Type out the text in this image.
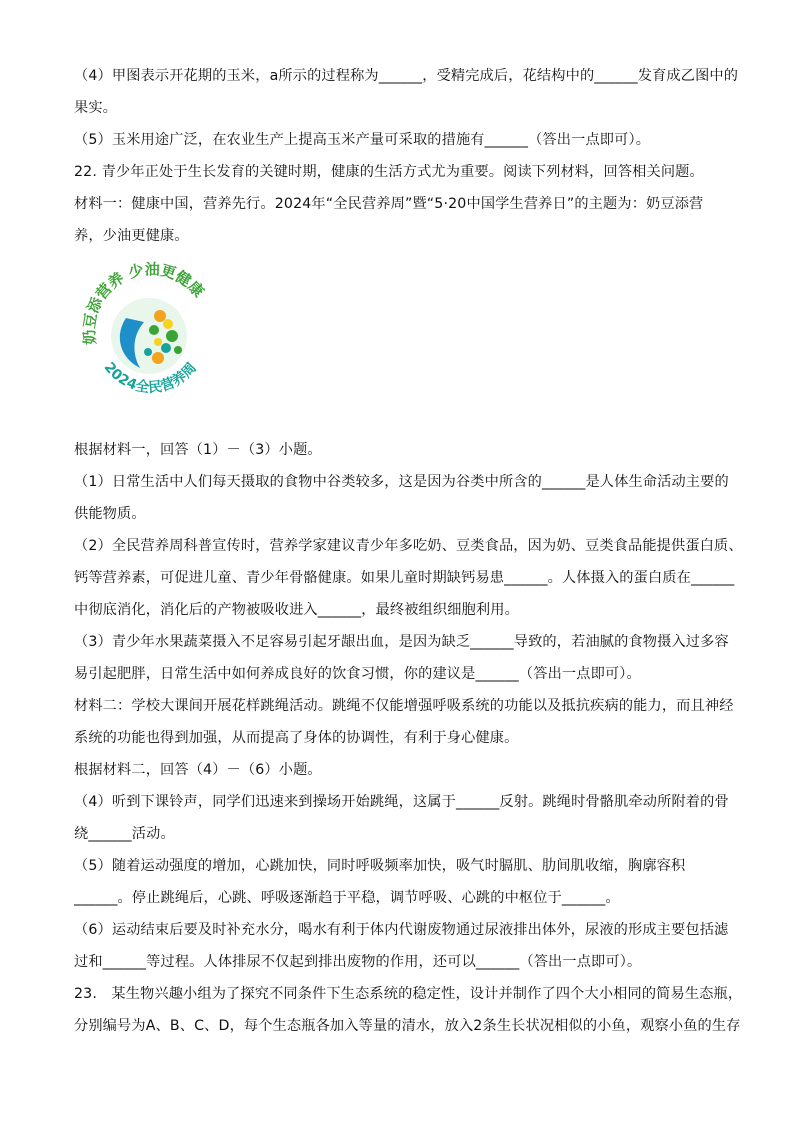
（4）甲图表示开花期的玉米，a所示的过程称为______，受精完成后，花结构中的______发育成乙图中的
果实。
（5）玉米用途广泛，在农业生产上提高玉米产量可采取的措施有______（答出一点即可）。
22. 青少年正处于生长发育的关键时期，健康的生活方式尤为重要。阅读下列材料，回答相关问题。
材料一：健康中国，营养先行。2024年“全民营养周”暨“5·20中国学生营养日”的主题为：奶豆添营
养，少油更健康。
根据材料一，回答（1）－（3）小题。
（1）日常生活中人们每天摄取的食物中谷类较多，这是因为谷类中所含的______是人体生命活动主要的
供能物质。
（2）全民营养周科普宣传时，营养学家建议青少年多吃奶、豆类食品，因为奶、豆类食品能提供蛋白质、
钙等营养素，可促进儿童、青少年骨骼健康。如果儿童时期缺钙易患______。人体摄入的蛋白质在______
中彻底消化，消化后的产物被吸收进入______，最终被组织细胞利用。
（3）青少年水果蔬菜摄入不足容易引起牙龈出血，是因为缺乏______导致的，若油腻的食物摄入过多容
易引起肥胖，日常生活中如何养成良好的饮食习惯，你的建议是______（答出一点即可）。
材料二：学校大课间开展花样跳绳活动。跳绳不仅能增强呼吸系统的功能以及抵抗疾病的能力，而且神经
系统的功能也得到加强，从而提高了身体的协调性，有利于身心健康。
根据材料二，回答（4）－（6）小题。
（4）听到下课铃声，同学们迅速来到操场开始跳绳，这属于______反射。跳绳时骨骼肌牵动所附着的骨
绕______活动。
（5）随着运动强度的增加，心跳加快，同时呼吸频率加快，吸气时膈肌、肋间肌收缩，胸廓容积
______。停止跳绳后，心跳、呼吸逐渐趋于平稳，调节呼吸、心跳的中枢位于______。
（6）运动结束后要及时补充水分，喝水有利于体内代谢废物通过尿液排出体外，尿液的形成主要包括滤
过和______等过程。人体排尿不仅起到排出废物的作用，还可以______（答出一点即可）。
23.　某生物兴趣小组为了探究不同条件下生态系统的稳定性，设计并制作了四个大小相同的简易生态瓶，
分别编号为A、B、C、D，每个生态瓶各加入等量的清水，放入2条生长状况相似的小鱼，观察小鱼的生存
奶豆添营养 少油更健康
2024全民营养周
